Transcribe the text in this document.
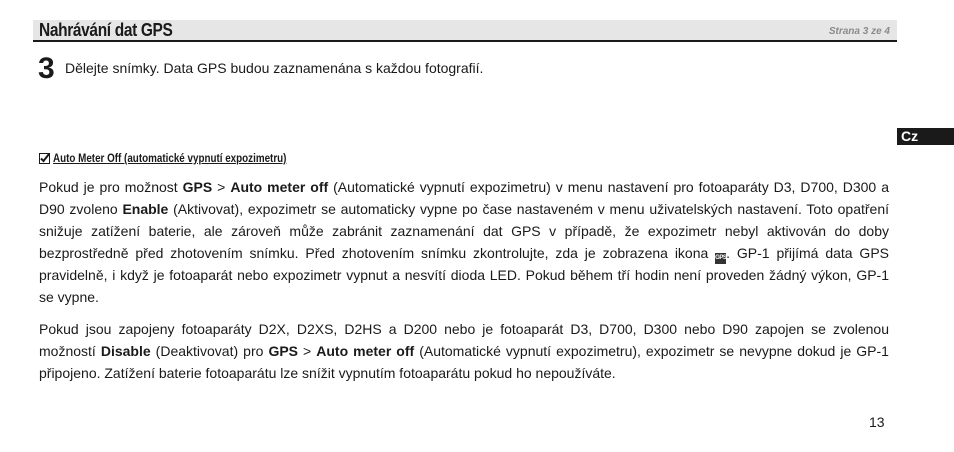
Nahrávání dat GPS	Strana 3 ze 4
3 Dělejte snímky. Data GPS budou zaznamenána s každou fotografií.
Cz
Auto Meter Off (automatické vypnutí expozimetru)
Pokud je pro možnost GPS > Auto meter off (Automatické vypnutí expozimetru) v menu nastavení pro fotoaparáty D3, D700, D300 a D90 zvoleno Enable (Aktivovat), expozimetr se automaticky vypne po čase nastaveném v menu uživatelských nastavení. Toto opatření snižuje zatížení baterie, ale zároveň může zabránit zaznamenání dat GPS v případě, že expozimetr nebyl aktivován do doby bezprostředně před zhotovením snímku. Před zhotovením snímku zkontrolujte, zda je zobrazena ikona GPS. GP-1 přijímá data GPS pravidelně, i když je fotoaparát nebo expozimetr vypnut a nesvítí dioda LED. Pokud během tří hodin není proveden žádný výkon, GP-1 se vypne.
Pokud jsou zapojeny fotoaparáty D2X, D2XS, D2HS a D200 nebo je fotoaparát D3, D700, D300 nebo D90 zapojen se zvolenou možností Disable (Deaktivovat) pro GPS > Auto meter off (Automatické vypnutí expozimetru), expozimetr se nevypne dokud je GP-1 připojeno. Zatížení baterie fotoaparátu lze snížit vypnutím fotoaparátu pokud ho nepoužíváte.
13
